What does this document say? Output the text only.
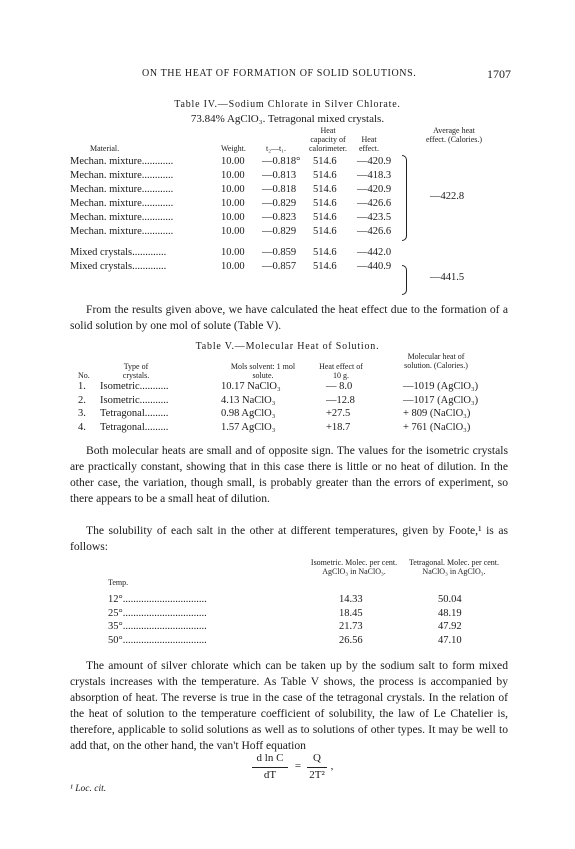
ON THE HEAT OF FORMATION OF SOLID SOLUTIONS.	1707
Table IV.—Sodium Chlorate in Silver Chlorate.
73.84% AgClO₃. Tetragonal mixed crystals.
Material.	Weight.	t₂—t₁.
Heat capacity of calorimeter.
Heat effect.
Average heat effect. (Calories.)
Mechan. mixture............	10.00 —0.818° 514.6 —420.9
Mechan. mixture............	10.00 —0.813 514.6 —418.3
Mechan. mixture............	10.00 —0.818 514.6 —420.9
Mechan. mixture............	10.00 —0.829 514.6 —426.6
Mechan. mixture............	10.00 —0.823 514.6 —423.5
Mechan. mixture............	10.00 —0.829 514.6 —426.6
Mixed crystals.............	10.00 —0.859 514.6 —442.0
Mixed crystals.............	10.00 —0.857 514.6 —440.9
—422.8
—441.5
From the results given above, we have calculated the heat effect due to the formation of a solid solution by one mol of solute (Table V).
Table V.—Molecular Heat of Solution.
No.
Type of crystals.
Mols solvent: 1 mol solute.
Heat effect of 10 g.
Molecular heat of solution. (Calories.)
1. Isometric...........	10.17 NaClO₃	— 8.0	—1019 (AgClO₃)
2. Isometric...........	4.13 NaClO₃	—12.8	—1017 (AgClO₃)
3. Tetragonal.........	0.98 AgClO₃	+27.5	+ 809 (NaClO₃)
4. Tetragonal.........	1.57 AgClO₃	+18.7	+ 761 (NaClO₃)
Both molecular heats are small and of opposite sign. The values for the isometric crystals are practically constant, showing that in this case there is little or no heat of dilution. In the other case, the variation, though small, is probably greater than the errors of experiment, so there appears to be a small heat of dilution.
The solubility of each salt in the other at different temperatures, given by Foote,¹ is as follows:
Temp.
Isometric. Molec. per cent. AgClO₃ in NaClO₃.
Tetragonal. Molec. per cent. NaClO₃ in AgClO₃.
12°................................	14.33	50.04
25°................................	18.45	48.19
35°................................	21.73	47.92
50°................................	26.56	47.10
The amount of silver chlorate which can be taken up by the sodium salt to form mixed crystals increases with the temperature. As Table V shows, the process is accompanied by absorption of heat. The reverse is true in the case of the tetragonal crystals. In the relation of the heat of solution to the temperature coefficient of solubility, the law of Le Chatelier is, therefore, applicable to solid solutions as well as to solutions of other types. It may be well to add that, on the other hand, the van't Hoff equation
d ln C
dT
=
Q
2T²
,
¹ Loc. cit.
